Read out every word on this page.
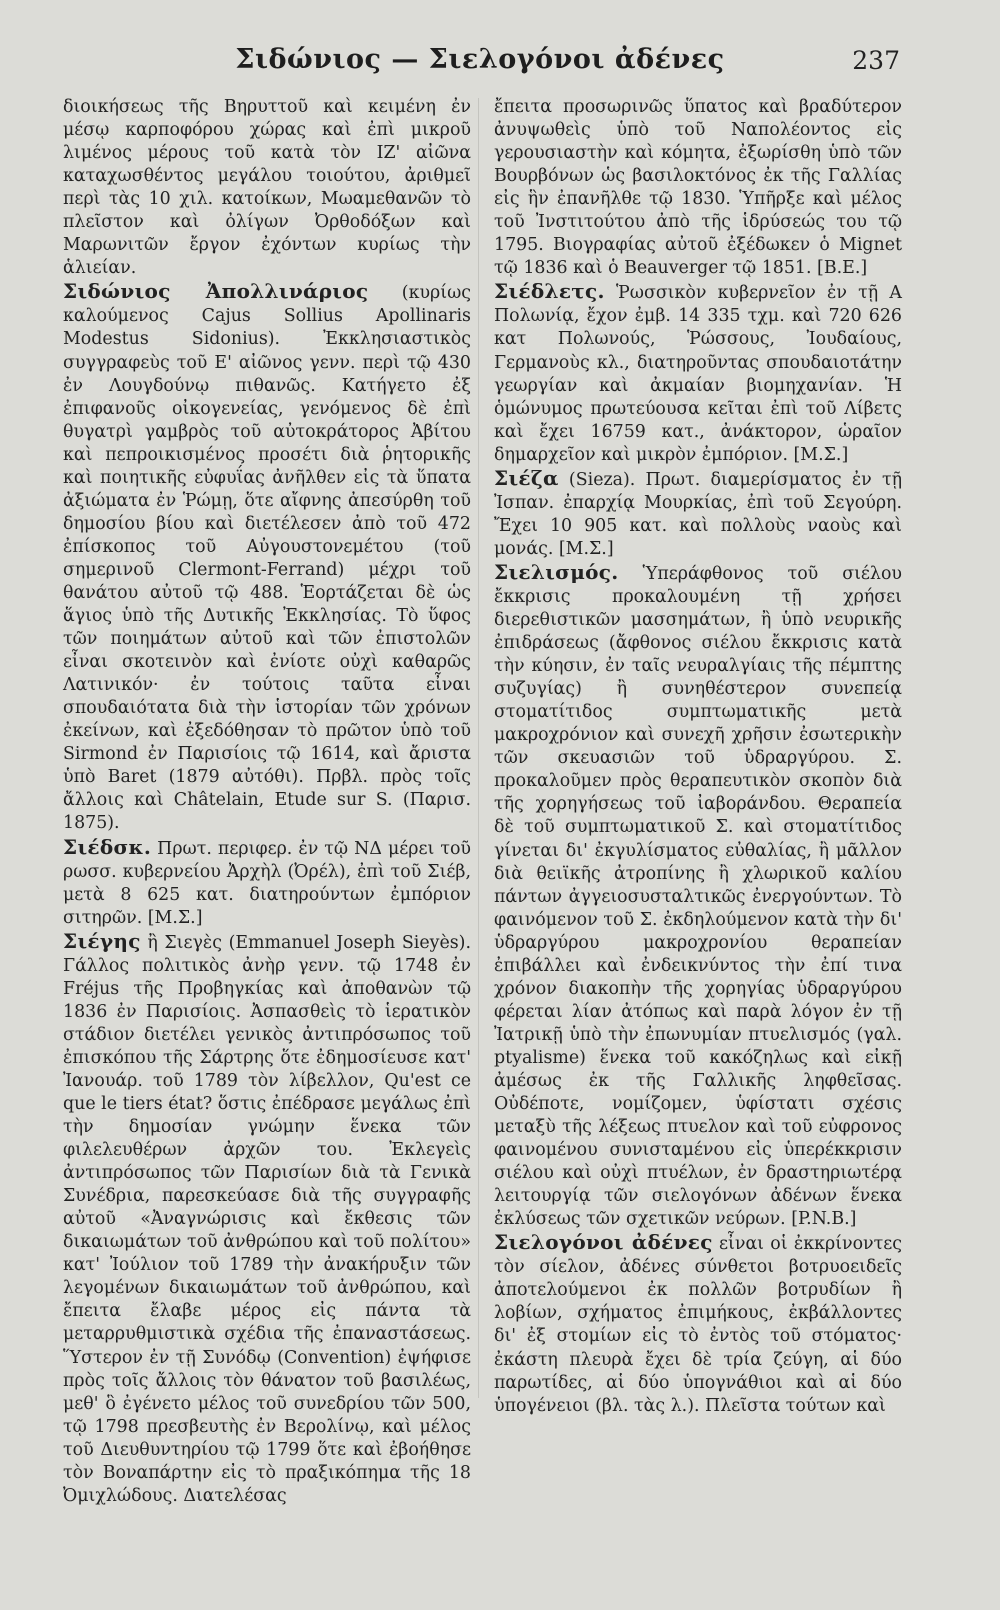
Σιδώνιος — Σιελογόνοι ἀδένες	237

διοικήσεως τῆς Βηρυττοῦ καὶ κειμένη ἐν μέσῳ καρποφόρου χώρας καὶ ἐπὶ μικροῦ λιμένος μέρους τοῦ κατὰ τὸν ΙΖ' αἰῶνα καταχωσθέντος μεγάλου τοιούτου, ἀριθμεῖ περὶ τὰς 10 χιλ. κατοίκων, Μωαμεθανῶν τὸ πλεῖστον καὶ ὀλίγων Ὀρθοδόξων καὶ Μαρωνιτῶν ἔργον ἐχόντων κυρίως τὴν ἁλιείαν.

Σιδώνιος Ἀπολλινάριος (κυρίως καλούμενος Cajus Sollius Apollinaris Modestus Sidonius). Ἐκκλησιαστικὸς συγγραφεὺς τοῦ Ε' αἰῶνος γενν. περὶ τῷ 430 ἐν Λουγδούνῳ πιθανῶς. Κατήγετο ἐξ ἐπιφανοῦς οἰκογενείας, γενόμενος δὲ ἐπὶ θυγατρὶ γαμβρὸς τοῦ αὐτοκράτορος Ἀβίτου καὶ πεπροικισμένος προσέτι διὰ ῥητορικῆς καὶ ποιητικῆς εὐφυΐας ἀνῆλθεν εἰς τὰ ὕπατα ἀξιώματα ἐν Ῥώμῃ, ὅτε αἴφνης ἀπεσύρθη τοῦ δημοσίου βίου καὶ διετέλεσεν ἀπὸ τοῦ 472 ἐπίσκοπος τοῦ Αὐγουστονεμέτου (τοῦ σημερινοῦ Clermont-Ferrand) μέχρι τοῦ θανάτου αὐτοῦ τῷ 488. Ἑορτάζεται δὲ ὡς ἅγιος ὑπὸ τῆς Δυτικῆς Ἐκκλησίας. Τὸ ὕφος τῶν ποιημάτων αὐτοῦ καὶ τῶν ἐπιστολῶν εἶναι σκοτεινὸν καὶ ἐνίοτε οὐχὶ καθαρῶς Λατινικόν· ἐν τούτοις ταῦτα εἶναι σπουδαιότατα διὰ τὴν ἱστορίαν τῶν χρόνων ἐκείνων, καὶ ἐξεδόθησαν τὸ πρῶτον ὑπὸ τοῦ Sirmond ἐν Παρισίοις τῷ 1614, καὶ ἄριστα ὑπὸ Baret (1879 αὐτόθι). Πρβλ. πρὸς τοῖς ἄλλοις καὶ Châtelain, Etude sur S. (Παρισ. 1875).

Σιέδσκ. Πρωτ. περιφερ. ἐν τῷ ΝΔ μέρει τοῦ ρωσσ. κυβερνείου Ἀρχὴλ (Ὀρέλ), ἐπὶ τοῦ Σιέβ, μετὰ 8 625 κατ. διατηρούντων ἐμπόριον σιτηρῶν. [Μ.Σ.]

Σιέγης ἢ Σιεγὲς (Emmanuel Joseph Sieyès). Γάλλος πολιτικὸς ἀνὴρ γενν. τῷ 1748 ἐν Fréjus τῆς Προβηγκίας καὶ ἀποθανὼν τῷ 1836 ἐν Παρισίοις. Ἀσπασθεὶς τὸ ἱερατικὸν στάδιον διετέλει γενικὸς ἀντιπρόσωπος τοῦ ἐπισκόπου τῆς Σάρτρης ὅτε ἐδημοσίευσε κατ' Ἰανουάρ. τοῦ 1789 τὸν λίβελλον, Qu'est ce que le tiers état? ὅστις ἐπέδρασε μεγάλως ἐπὶ τὴν δημοσίαν γνώμην ἕνεκα τῶν φιλελευθέρων ἀρχῶν του. Ἐκλεγεὶς ἀντιπρόσωπος τῶν Παρισίων διὰ τὰ Γενικὰ Συνέδρια, παρεσκεύασε διὰ τῆς συγγραφῆς αὐτοῦ «Ἀναγνώρισις καὶ ἔκθεσις τῶν δικαιωμάτων τοῦ ἀνθρώπου καὶ τοῦ πολίτου» κατ' Ἰούλιον τοῦ 1789 τὴν ἀνακήρυξιν τῶν λεγομένων δικαιωμάτων τοῦ ἀνθρώπου, καὶ ἔπειτα ἔλαβε μέρος εἰς πάντα τὰ μεταρρυθμιστικὰ σχέδια τῆς ἐπαναστάσεως. Ὕστερον ἐν τῇ Συνόδῳ (Convention) ἐψήφισε πρὸς τοῖς ἄλλοις τὸν θάνατον τοῦ βασιλέως, μεθ' ὃ ἐγένετο μέλος τοῦ συνεδρίου τῶν 500, τῷ 1798 πρεσβευτὴς ἐν Βερολίνῳ, καὶ μέλος τοῦ Διευθυντηρίου τῷ 1799 ὅτε καὶ ἐβοήθησε τὸν Βοναπάρτην εἰς τὸ πραξικόπημα τῆς 18 Ὀμιχλώδους. Διατελέσας

ἔπειτα προσωρινῶς ὕπατος καὶ βραδύτερον ἀνυψωθεὶς ὑπὸ τοῦ Ναπολέοντος εἰς γερουσιαστὴν καὶ κόμητα, ἐξωρίσθη ὑπὸ τῶν Βουρβόνων ὡς βασιλοκτόνος ἐκ τῆς Γαλλίας εἰς ἣν ἐπανῆλθε τῷ 1830. Ὑπῆρξε καὶ μέλος τοῦ Ἰνστιτούτου ἀπὸ τῆς ἱδρύσεώς του τῷ 1795. Βιογραφίας αὐτοῦ ἐξέδωκεν ὁ Mignet τῷ 1836 καὶ ὁ Beauverger τῷ 1851. [Β.Ε.]

Σιέδλετς. Ῥωσσικὸν κυβερνεῖον ἐν τῇ Α Πολωνίᾳ, ἔχον ἐμβ. 14 335 τχμ. καὶ 720 626 κατ Πολωνούς, Ῥώσσους, Ἰουδαίους, Γερμανοὺς κλ., διατηροῦντας σπουδαιοτάτην γεωργίαν καὶ ἀκμαίαν βιομηχανίαν. Ἡ ὁμώνυμος πρωτεύουσα κεῖται ἐπὶ τοῦ Λίβετς καὶ ἔχει 16759 κατ., ἀνάκτορον, ὡραῖον δημαρχεῖον καὶ μικρὸν ἐμπόριον. [Μ.Σ.]

Σιέζα (Sieza). Πρωτ. διαμερίσματος ἐν τῇ Ἰσπαν. ἐπαρχίᾳ Μουρκίας, ἐπὶ τοῦ Σεγούρη. Ἔχει 10 905 κατ. καὶ πολλοὺς ναοὺς καὶ μονάς. [Μ.Σ.]

Σιελισμός. Ὑπεράφθονος τοῦ σιέλου ἔκκρισις προκαλουμένη τῇ χρήσει διερεθιστικῶν μασσημάτων, ἢ ὑπὸ νευρικῆς ἐπιδράσεως (ἄφθονος σιέλου ἔκκρισις κατὰ τὴν κύησιν, ἐν ταῖς νευραλγίαις τῆς πέμπτης συζυγίας) ἢ συνηθέστερον συνεπείᾳ στοματίτιδος συμπτωματικῆς μετὰ μακροχρόνιον καὶ συνεχῆ χρῆσιν ἐσωτερικὴν τῶν σκευασιῶν τοῦ ὑδραργύρου. Σ. προκαλοῦμεν πρὸς θεραπευτικὸν σκοπὸν διὰ τῆς χορηγήσεως τοῦ ἰαβοράνδου. Θεραπεία δὲ τοῦ συμπτωματικοῦ Σ. καὶ στοματίτιδος γίνεται δι' ἐκγυλίσματος εὐθαλίας, ἢ μᾶλλον διὰ θειϊκῆς ἀτροπίνης ἢ χλωρικοῦ καλίου πάντων ἀγγειοσυσταλτικῶς ἐνεργούντων. Τὸ φαινόμενον τοῦ Σ. ἐκδηλούμενον κατὰ τὴν δι' ὑδραργύρου μακροχρονίου θεραπείαν ἐπιβάλλει καὶ ἐνδεικνύντος τὴν ἐπί τινα χρόνον διακοπὴν τῆς χορηγίας ὑδραργύρου φέρεται λίαν ἀτόπως καὶ παρὰ λόγον ἐν τῇ Ἰατρικῇ ὑπὸ τὴν ἐπωνυμίαν πτυελισμός (γαλ. ptyalisme) ἕνεκα τοῦ κακόζηλως καὶ εἰκῇ ἀμέσως ἐκ τῆς Γαλλικῆς ληφθεῖσας. Οὐδέποτε, νομίζομεν, ὑφίστατι σχέσις μεταξὺ τῆς λέξεως πτυελον καὶ τοῦ εὐφρονος φαινομένου συνισταμένου εἰς ὑπερέκκρισιν σιέλου καὶ οὐχὶ πτυέλων, ἐν δραστηριωτέρᾳ λειτουργίᾳ τῶν σιελογόνων ἀδένων ἕνεκα ἐκλύσεως τῶν σχετικῶν νεύρων. [P.N.B.]

Σιελογόνοι ἀδένες εἶναι οἱ ἐκκρίνοντες τὸν σίελον, ἀδένες σύνθετοι βοτρυοειδεῖς ἀποτελούμενοι ἐκ πολλῶν βοτρυδίων ἢ λοβίων, σχήματος ἐπιμήκους, ἐκβάλλοντες δι' ἐξ στομίων εἰς τὸ ἐντὸς τοῦ στόματος· ἐκάστη πλευρὰ ἔχει δὲ τρία ζεύγη, αἱ δύο παρωτίδες, αἱ δύο ὑπογνάθιοι καὶ αἱ δύο ὑπογένειοι (βλ. τὰς λ.). Πλεῖστα τούτων καὶ
